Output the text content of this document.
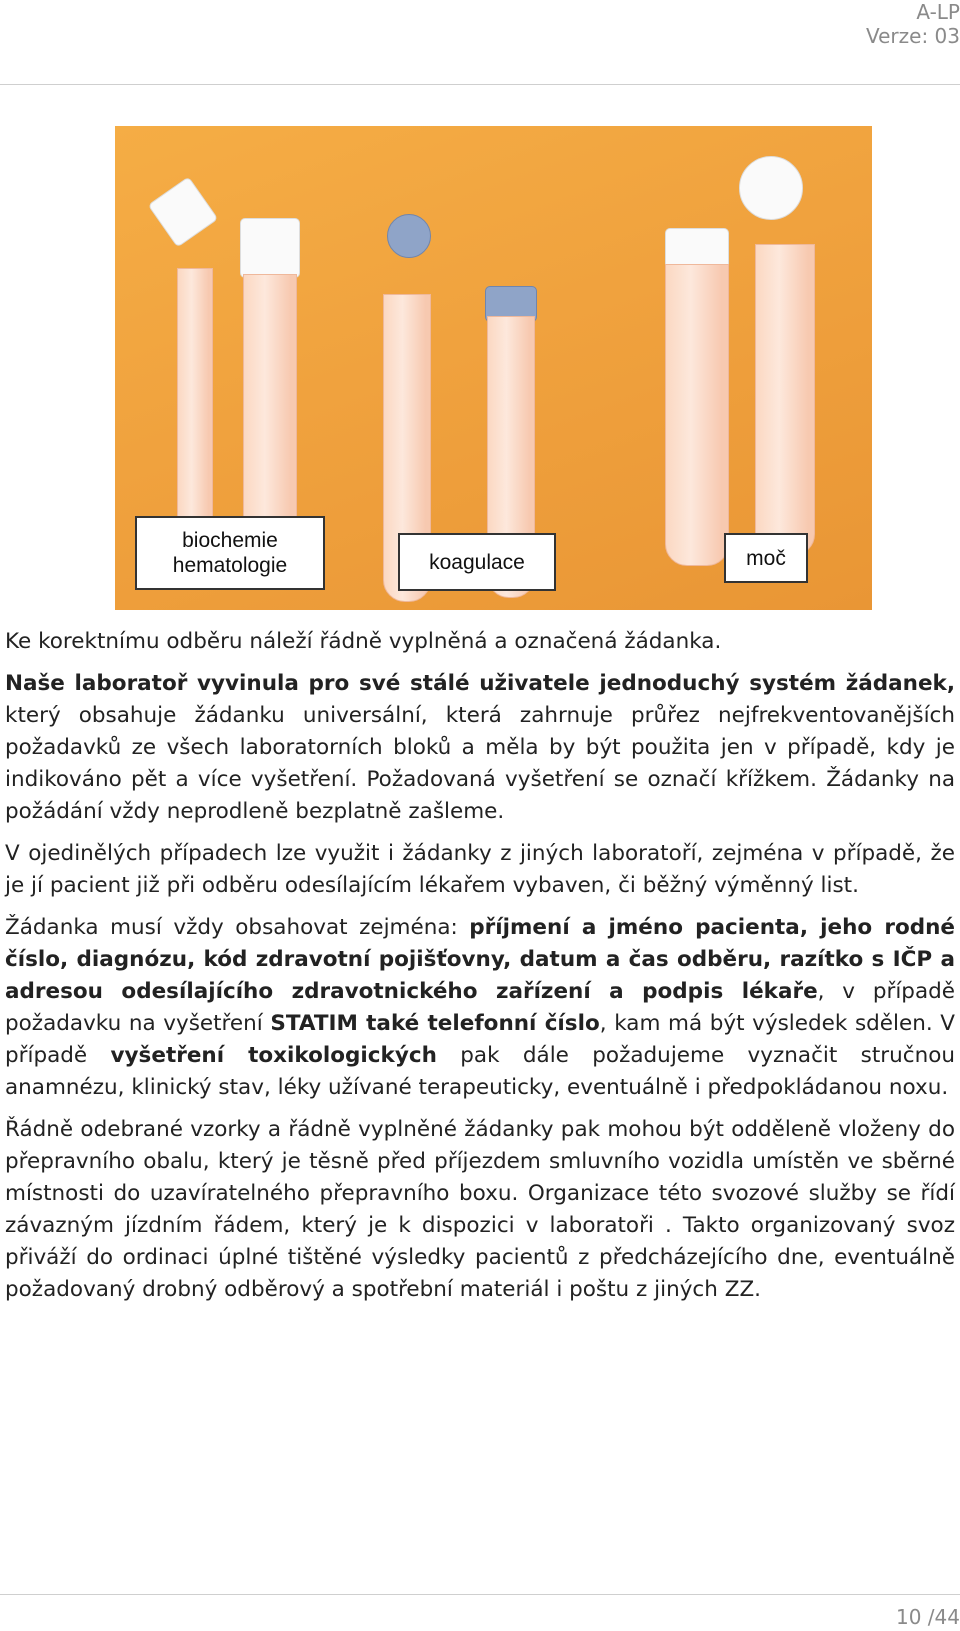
A-LP
Verze: 03
biochemie
hematologie	koagulace	moč

Ke korektnímu odběru náleží řádně vyplněná a označená žádanka.

Naše laboratoř vyvinula pro své stálé uživatele jednoduchý systém žádanek, který obsahuje žádanku universální, která zahrnuje průřez nejfrekventovanějších požadavků ze všech laboratorních bloků a měla by být použita jen v případě, kdy je indikováno pět a více vyšetření. Požadovaná vyšetření se označí křížkem. Žádanky na požádání vždy neprodleně bezplatně zašleme.

V ojedinělých případech lze využit i žádanky z jiných laboratoří, zejména v případě, že je jí pacient již při odběru odesílajícím lékařem vybaven, či běžný výměnný list.

Žádanka musí vždy obsahovat zejména: příjmení a jméno pacienta, jeho rodné číslo, diagnózu, kód zdravotní pojišťovny, datum a čas odběru, razítko s IČP a adresou odesílajícího zdravotnického zařízení a podpis lékaře, v případě požadavku na vyšetření STATIM také telefonní číslo, kam má být výsledek sdělen. V případě vyšetření toxikologických pak dále požadujeme vyznačit stručnou anamnézu, klinický stav, léky užívané terapeuticky, eventuálně i předpokládanou noxu.

Řádně odebrané vzorky a řádně vyplněné žádanky pak mohou být odděleně vloženy do přepravního obalu, který je těsně před příjezdem smluvního vozidla umístěn ve sběrné místnosti do uzavíratelného přepravního boxu. Organizace této svozové služby se řídí závazným jízdním řádem, který je k dispozici v laboratoři . Takto organizovaný svoz přiváží do ordinaci úplné tištěné výsledky pacientů z předcházejícího dne, eventuálně požadovaný drobný odběrový a spotřební materiál i poštu z jiných ZZ.

10 /44
